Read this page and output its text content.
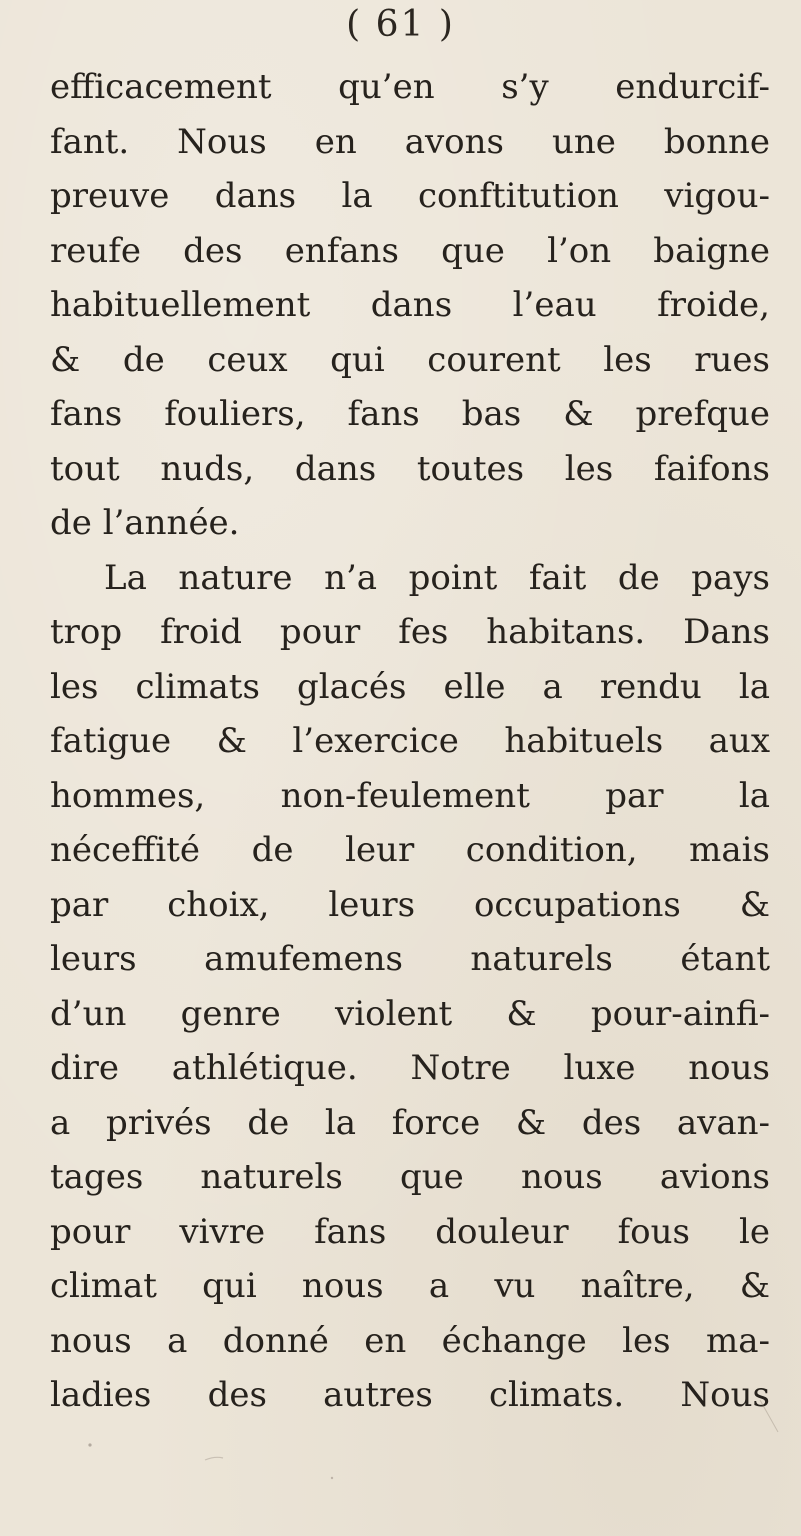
( 61 )
efficacement qu’en s’y endurcif-
fant. Nous en avons une bonne
preuve dans la conftitution vigou-
reufe des enfans que l’on baigne
habituellement dans l’eau froide,
& de ceux qui courent les rues
fans fouliers, fans bas & prefque
tout nuds, dans toutes les faifons
de l’année.
La nature n’a point fait de pays
trop froid pour fes habitans. Dans
les climats glacés elle a rendu la
fatigue & l’exercice habituels aux
hommes, non-feulement par la
néceffité de leur condition, mais
par choix, leurs occupations &
leurs amufemens naturels étant
d’un genre violent & pour-ainfi-
dire athlétique. Notre luxe nous
a privés de la force & des avan-
tages naturels que nous avions
pour vivre fans douleur fous le
climat qui nous a vu naître, &
nous a donné en échange les ma-
ladies des autres climats. Nous
